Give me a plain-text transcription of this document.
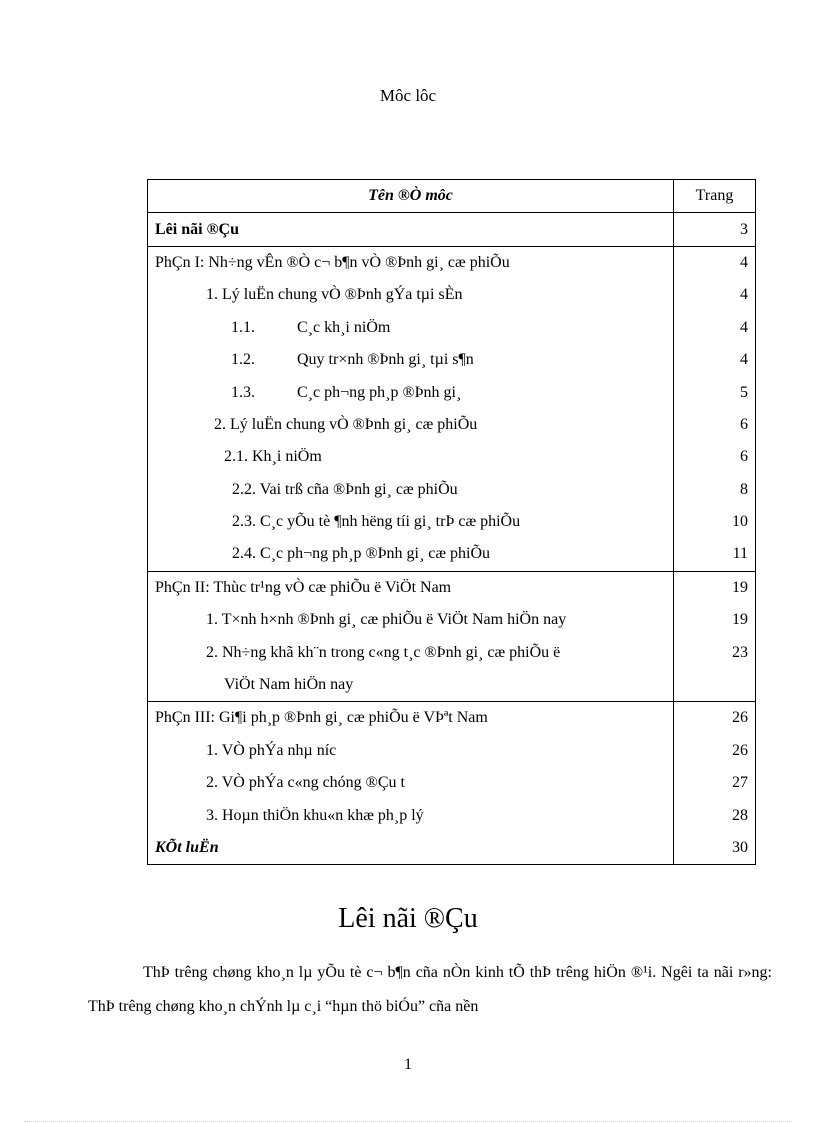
Môc lôc
Tên ®Ò môc	Trang
Lêi nãi ®Çu	3
PhÇn I: Nh÷ng vÊn ®Ò c¬ b¶n vÒ ®Þnh gi¸ cæ phiÕu	4
1. Lý luËn chung vÒ ®Þnh gÝa tµi sÈn	4
1.1. C¸c kh¸i niÖm	4
1.2. Quy tr×nh ®Þnh gi¸ tµi s¶n	4
1.3. C¸c ph¬ng ph¸p ®Þnh gi¸	5
2. Lý luËn chung vÒ ®Þnh gi¸ cæ phiÕu	6
2.1. Kh¸i niÖm	6
2.2. Vai trß cña ®Þnh gi¸ cæ phiÕu	8
2.3. C¸c yÕu tè ¶nh hëng tíi gi¸ trÞ cæ phiÕu	10
2.4. C¸c ph¬ng ph¸p ®Þnh gi¸ cæ phiÕu	11
PhÇn II: Thùc tr¹ng vÒ cæ phiÕu ë ViÖt Nam	19
1. T×nh h×nh ®Þnh gi¸ cæ phiÕu ë ViÖt Nam hiÖn nay	19
2. Nh÷ng khã kh¨n trong c«ng t¸c ®Þnh gi¸ cæ phiÕu ë	23
ViÖt Nam hiÖn nay	
PhÇn III: Gi¶i ph¸p ®Þnh gi¸ cæ phiÕu ë VÞªt Nam	26
1. VÒ phÝa nhµ níc	26
2. VÒ phÝa c«ng chóng ®Çu t	27
3. Hoµn thiÖn khu«n khæ ph¸p lý	28
KÕt luËn	30
Lêi nãi ®Çu

ThÞ trêng chøng kho¸n lµ yÕu tè c¬ b¶n cña nÒn kinh tÕ thÞ trêng hiÖn ®¹i. Ngêi ta nãi r»ng: ThÞ trêng chøng kho¸n chÝnh lµ c¸i “hµn thö biÓu” cña nền

1
